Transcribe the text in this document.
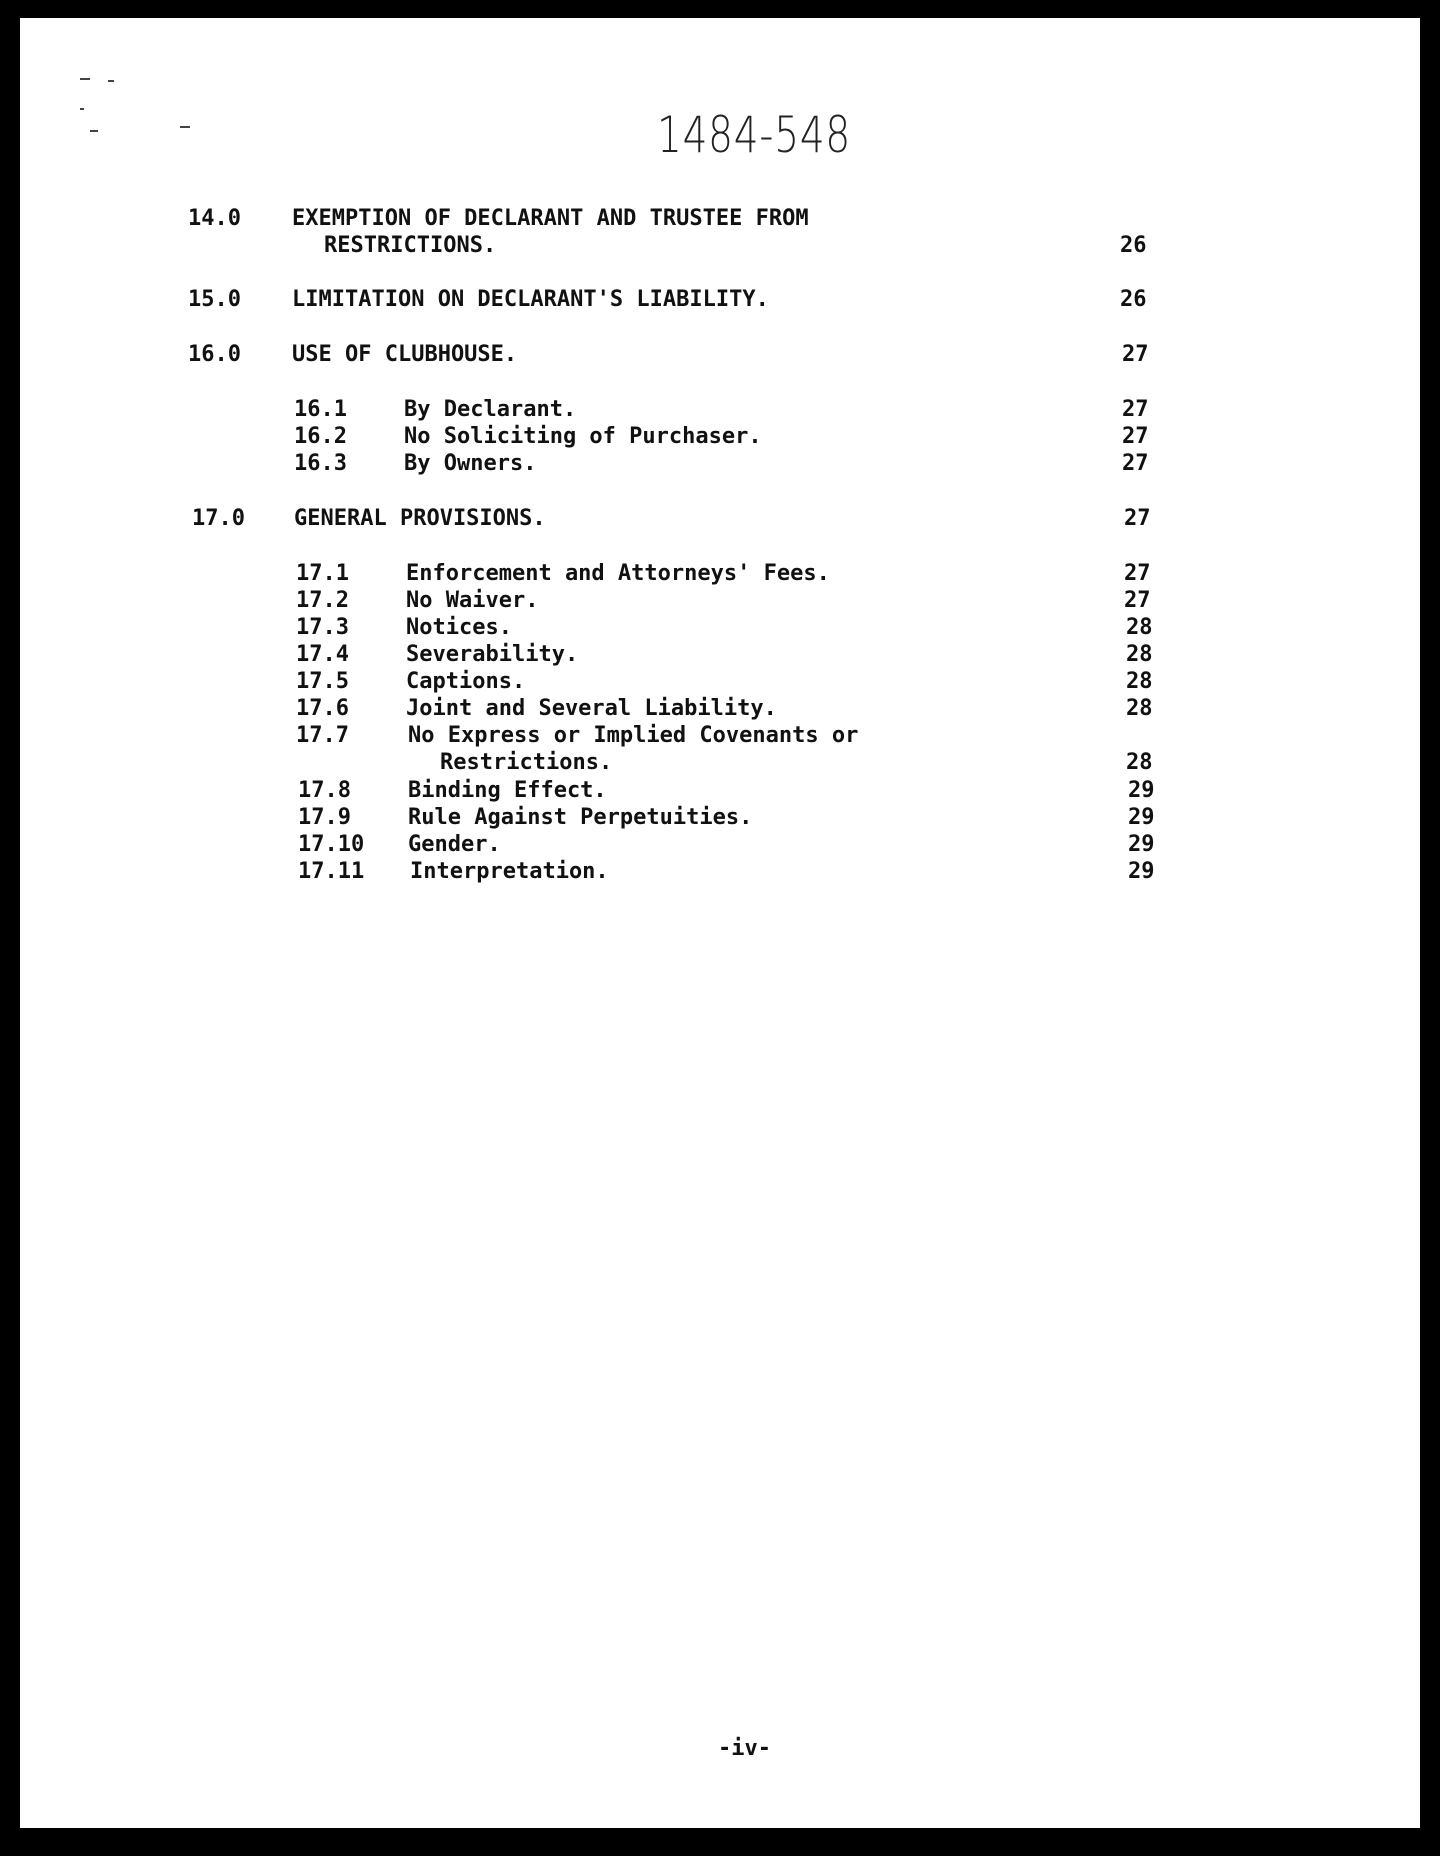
1484-548
14.0 EXEMPTION OF DECLARANT AND TRUSTEE FROM
RESTRICTIONS.	26
15.0 LIMITATION ON DECLARANT'S LIABILITY.	26
16.0 USE OF CLUBHOUSE.	27
16.1	By Declarant.	27
16.2	No Soliciting of Purchaser.	27
16.3	By Owners.	27
17.0 GENERAL PROVISIONS.	27
17.1	Enforcement and Attorneys' Fees.	27
17.2	No Waiver.	27
17.3	Notices.	28
17.4	Severability.	28
17.5	Captions.	28
17.6	Joint and Several Liability.	28
17.7	No Express or Implied Covenants or
Restrictions.	28
17.8	Binding Effect.	29
17.9	Rule Against Perpetuities.	29
17.10 Gender.	29
17.11 Interpretation.	29
-iv-
